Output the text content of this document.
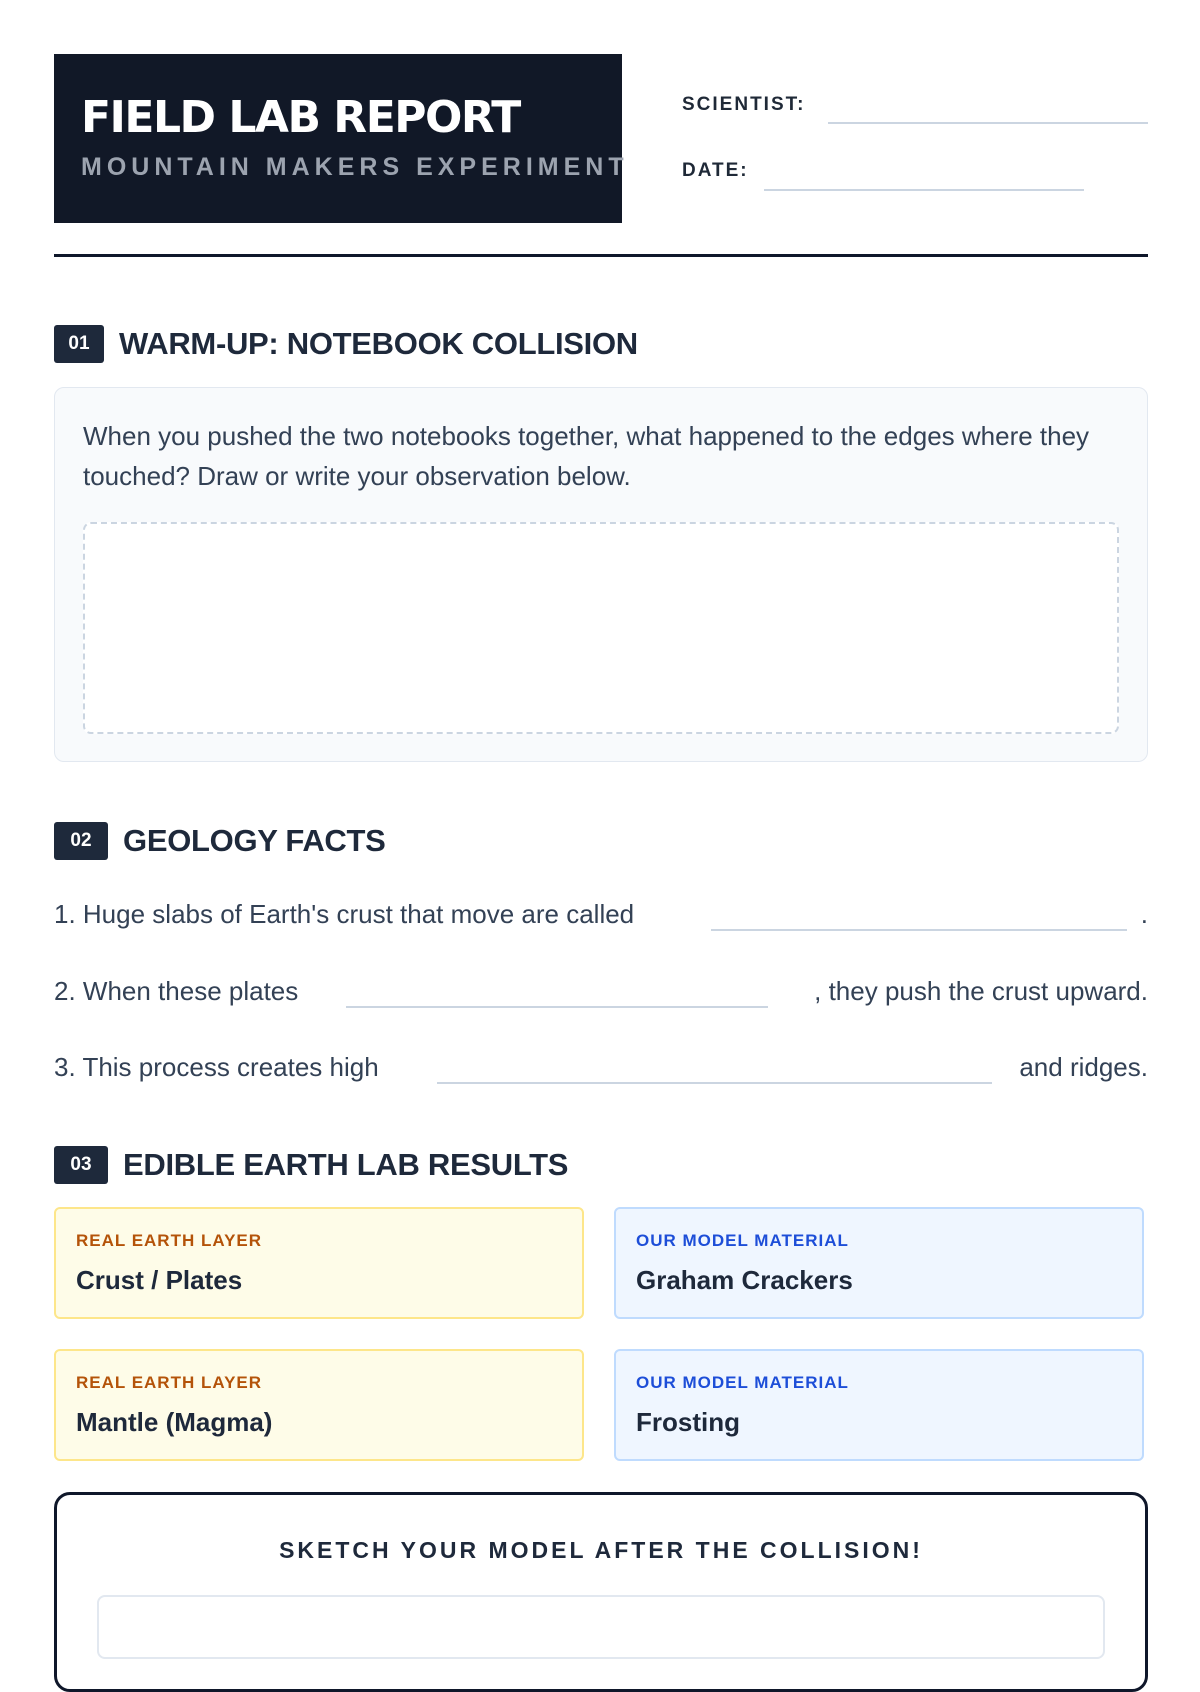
FIELD LAB REPORT
MOUNTAIN MAKERS EXPERIMENT
SCIENTIST:
DATE:
01 WARM-UP: NOTEBOOK COLLISION
When you pushed the two notebooks together, what happened to the edges where they touched? Draw or write your observation below.
02	GEOLOGY FACTS
1. Huge slabs of Earth's crust that move are called	.
2. When these plates	, they push the crust upward.
3. This process creates high	and ridges.
03	EDIBLE EARTH LAB RESULTS
REAL EARTH LAYER
Crust / Plates
OUR MODEL MATERIAL
Graham Crackers
REAL EARTH LAYER
Mantle (Magma)
OUR MODEL MATERIAL
Frosting
SKETCH YOUR MODEL AFTER THE COLLISION!
